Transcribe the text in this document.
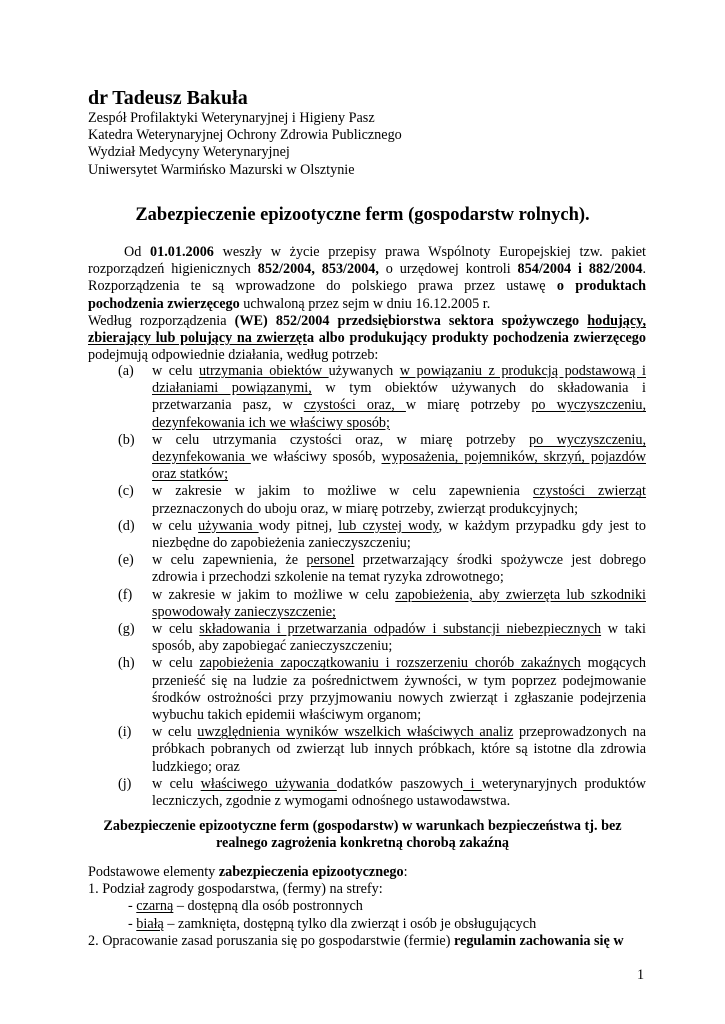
dr Tadeusz Bakuła
Zespół Profilaktyki Weterynaryjnej i Higieny Pasz
Katedra Weterynaryjnej Ochrony Zdrowia Publicznego
Wydział Medycyny Weterynaryjnej
Uniwersytet Warmińsko Mazurski w Olsztynie
Zabezpieczenie epizootyczne ferm (gospodarstw rolnych).

Od 01.01.2006 weszły w życie przepisy prawa Wspólnoty Europejskiej tzw. pakiet rozporządzeń higienicznych 852/2004, 853/2004, o urzędowej kontroli 854/2004 i 882/2004. Rozporządzenia te są wprowadzone do polskiego prawa przez ustawę o produktach pochodzenia zwierzęcego uchwaloną przez sejm w dniu 16.12.2005 r.

Według rozporządzenia (WE) 852/2004 przedsiębiorstwa sektora spożywczego hodujący, zbierający lub polujący na zwierzęta albo produkujący produkty pochodzenia zwierzęcego podejmują odpowiednie działania, według potrzeb:

(a)	w celu utrzymania obiektów używanych w powiązaniu z produkcją podstawową i działaniami powiązanymi, w tym obiektów używanych do składowania i przetwarzania pasz, w czystości oraz, w miarę potrzeby po wyczyszczeniu, dezynfekowania ich we właściwy sposób;
(b)	w celu utrzymania czystości oraz, w miarę potrzeby po wyczyszczeniu, dezynfekowania we właściwy sposób, wyposażenia, pojemników, skrzyń, pojazdów oraz statków;
(c)	w zakresie w jakim to możliwe w celu zapewnienia czystości zwierząt przeznaczonych do uboju oraz, w miarę potrzeby, zwierząt produkcyjnych;
(d)	w celu używania wody pitnej, lub czystej wody, w każdym przypadku gdy jest to niezbędne do zapobieżenia zanieczyszczeniu;
(e)	w celu zapewnienia, że personel przetwarzający środki spożywcze jest dobrego zdrowia i przechodzi szkolenie na temat ryzyka zdrowotnego;
(f)	w zakresie w jakim to możliwe w celu zapobieżenia, aby zwierzęta lub szkodniki spowodowały zanieczyszczenie;
(g)	w celu składowania i przetwarzania odpadów i substancji niebezpiecznych w taki sposób, aby zapobiegać zanieczyszczeniu;
(h)	w celu zapobieżenia zapoczątkowaniu i rozszerzeniu chorób zakaźnych mogących przenieść się na ludzie za pośrednictwem żywności, w tym poprzez podejmowanie środków ostrożności przy przyjmowaniu nowych zwierząt i zgłaszanie podejrzenia wybuchu takich epidemii właściwym organom;
(i)	w celu uwzględnienia wyników wszelkich właściwych analiz przeprowadzonych na próbkach pobranych od zwierząt lub innych próbkach, które są istotne dla zdrowia ludzkiego; oraz
(j)	w celu właściwego używania dodatków paszowych i weterynaryjnych produktów leczniczych, zgodnie z wymogami odnośnego ustawodawstwa.
Zabezpieczenie epizootyczne ferm (gospodarstw) w warunkach bezpieczeństwa tj. bez
realnego zagrożenia konkretną chorobą zakaźną
Podstawowe elementy zabezpieczenia epizootycznego:
1. Podział zagrody gospodarstwa, (fermy) na strefy:
- czarną – dostępną dla osób postronnych
- białą – zamknięta, dostępną tylko dla zwierząt i osób je obsługujących
2. Opracowanie zasad poruszania się po gospodarstwie (fermie) regulamin zachowania się w
1
